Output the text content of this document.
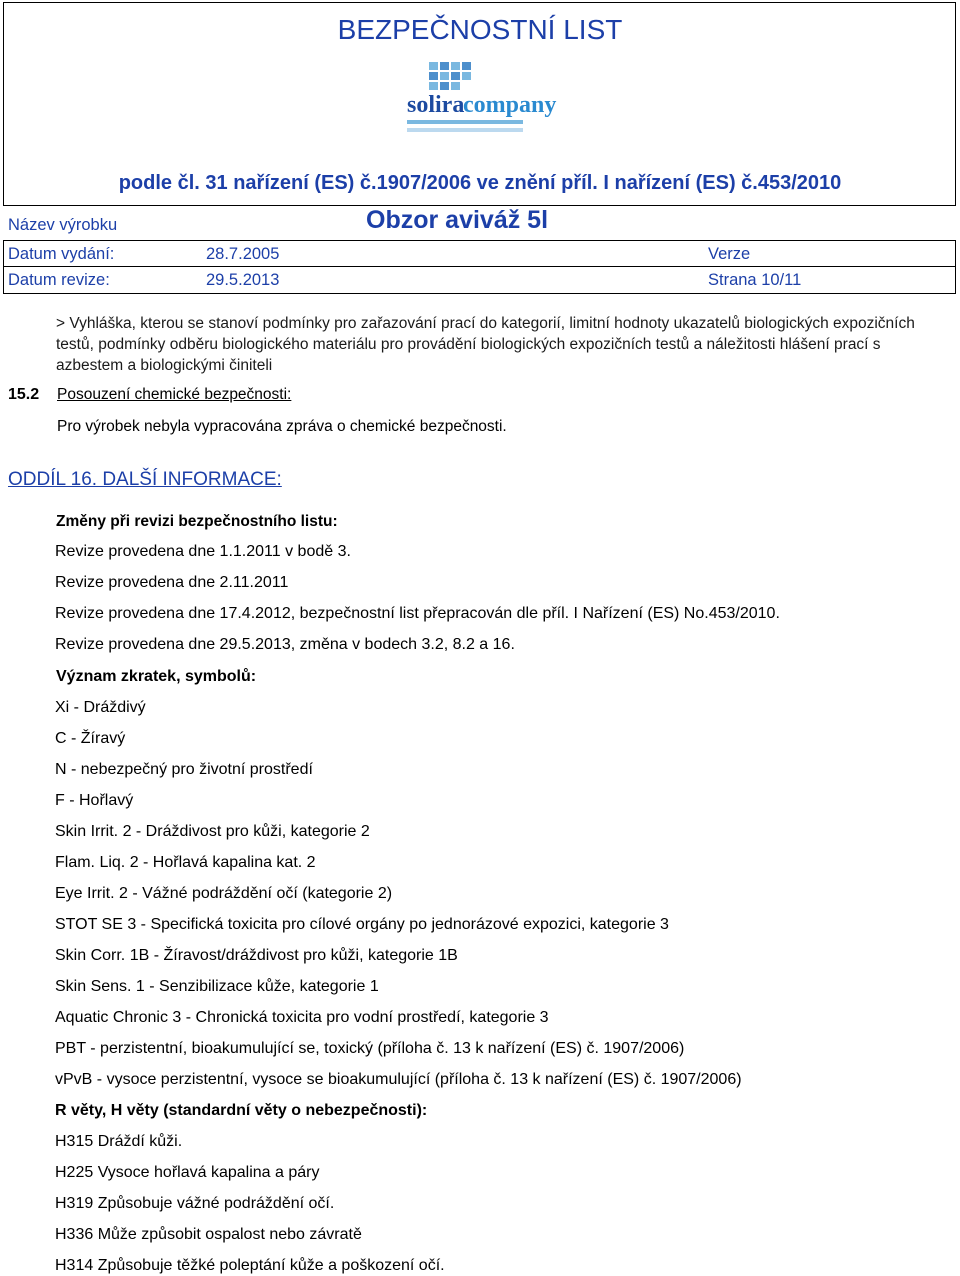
BEZPEČNOSTNÍ LIST
solira
company
podle čl. 31 nařízení (ES) č.1907/2006 ve znění příl. I nařízení (ES) č.453/2010
Název výrobku	Obzor aviváž 5l
Datum vydání:	28.7.2005	Verze
Datum revize:	29.5.2013	Strana 10/11
> Vyhláška, kterou se stanoví podmínky pro zařazování prací do kategorií, limitní hodnoty ukazatelů biologických expozičních testů, podmínky odběru biologického materiálu pro provádění biologických expozičních testů a náležitosti hlášení prací s azbestem a biologickými činiteli
15.2 Posouzení chemické bezpečnosti:
Pro výrobek nebyla vypracována zpráva o chemické bezpečnosti.
ODDÍL 16. DALŠÍ INFORMACE:
Změny při revizi bezpečnostního listu:
Revize provedena dne 1.1.2011 v bodě 3.
Revize provedena dne 2.11.2011
Revize provedena dne 17.4.2012, bezpečnostní list přepracován dle příl. I Nařízení (ES) No.453/2010.
Revize provedena dne 29.5.2013, změna v bodech 3.2, 8.2 a 16.
Význam zkratek, symbolů:
Xi - Dráždivý
C - Žíravý
N - nebezpečný pro životní prostředí
F - Hořlavý
Skin Irrit. 2 - Dráždivost pro kůži, kategorie 2
Flam. Liq. 2 - Hořlavá kapalina kat. 2
Eye Irrit. 2 - Vážné podráždění očí (kategorie 2)
STOT SE 3 - Specifická toxicita pro cílové orgány po jednorázové expozici, kategorie 3
Skin Corr. 1B - Žíravost/dráždivost pro kůži, kategorie 1B
Skin Sens. 1 - Senzibilizace kůže, kategorie 1
Aquatic Chronic 3 - Chronická toxicita pro vodní prostředí, kategorie 3
PBT - perzistentní, bioakumulující se, toxický (příloha č. 13 k nařízení (ES) č. 1907/2006)
vPvB - vysoce perzistentní, vysoce se bioakumulující (příloha č. 13 k nařízení (ES) č. 1907/2006)
R věty, H věty (standardní věty o nebezpečnosti):
H315 Dráždí kůži.
H225 Vysoce hořlavá kapalina a páry
H319 Způsobuje vážné podráždění očí.
H336 Může způsobit ospalost nebo závratě
H314 Způsobuje těžké poleptání kůže a poškození očí.
